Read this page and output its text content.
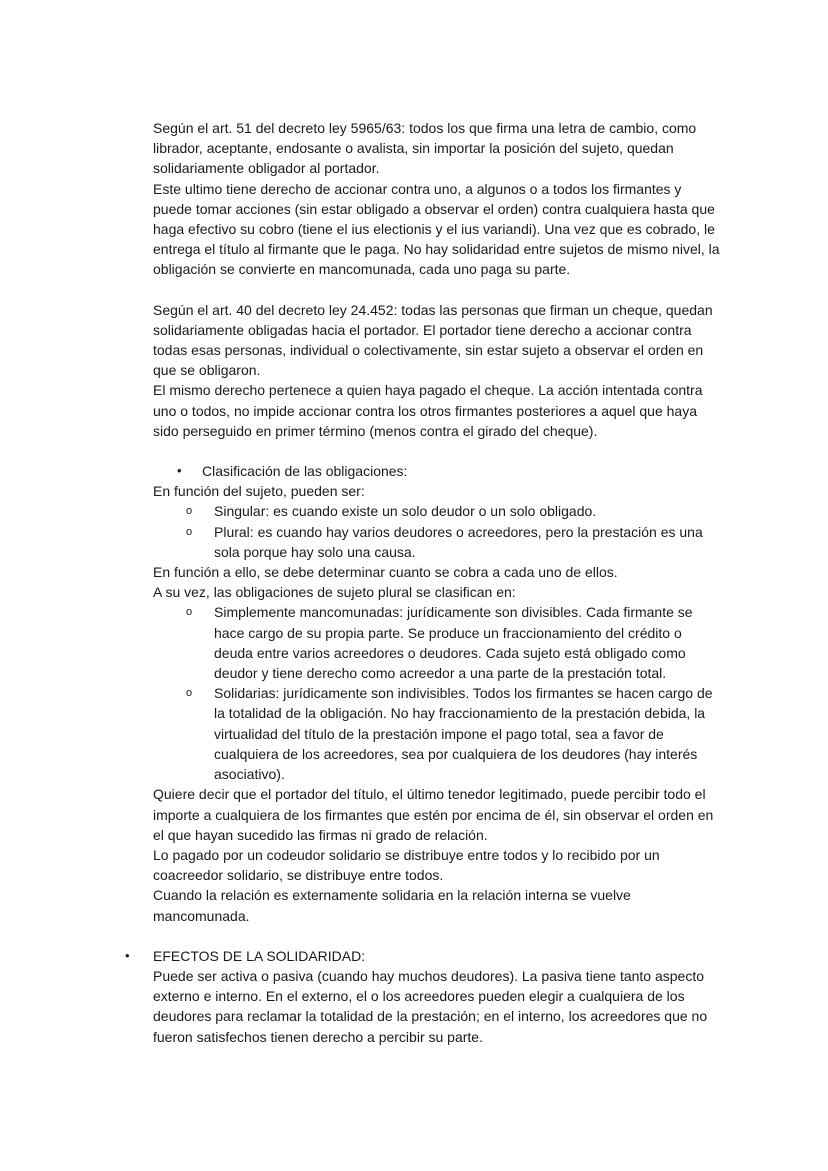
Según el art. 51 del decreto ley 5965/63: todos los que firma una letra de cambio, como librador, aceptante, endosante o avalista, sin importar la posición del sujeto, quedan solidariamente obligador al portador.

Este ultimo tiene derecho de accionar contra uno, a algunos o a todos los firmantes y puede tomar acciones (sin estar obligado a observar el orden) contra cualquiera hasta que haga efectivo su cobro (tiene el ius electionis y el ius variandi). Una vez que es cobrado, le entrega el título al firmante que le paga. No hay solidaridad entre sujetos de mismo nivel, la obligación se convierte en mancomunada, cada uno paga su parte.

Según el art. 40 del decreto ley 24.452: todas las personas que firman un cheque, quedan solidariamente obligadas hacia el portador. El portador tiene derecho a accionar contra todas esas personas, individual o colectivamente, sin estar sujeto a observar el orden en que se obligaron.

El mismo derecho pertenece a quien haya pagado el cheque. La acción intentada contra uno o todos, no impide accionar contra los otros firmantes posteriores a aquel que haya sido perseguido en primer término (menos contra el girado del cheque).

• Clasificación de las obligaciones:

En función del sujeto, pueden ser:

o Singular: es cuando existe un solo deudor o un solo obligado.
o Plural: es cuando hay varios deudores o acreedores, pero la prestación es una sola porque hay solo una causa.

En función a ello, se debe determinar cuanto se cobra a cada uno de ellos.

A su vez, las obligaciones de sujeto plural se clasifican en:

o Simplemente mancomunadas: jurídicamente son divisibles. Cada firmante se hace cargo de su propia parte. Se produce un fraccionamiento del crédito o deuda entre varios acreedores o deudores. Cada sujeto está obligado como deudor y tiene derecho como acreedor a una parte de la prestación total.
o Solidarias: jurídicamente son indivisibles. Todos los firmantes se hacen cargo de la totalidad de la obligación. No hay fraccionamiento de la prestación debida, la virtualidad del título de la prestación impone el pago total, sea a favor de cualquiera de los acreedores, sea por cualquiera de los deudores (hay interés asociativo).

Quiere decir que el portador del título, el último tenedor legitimado, puede percibir todo el importe a cualquiera de los firmantes que estén por encima de él, sin observar el orden en el que hayan sucedido las firmas ni grado de relación.

Lo pagado por un codeudor solidario se distribuye entre todos y lo recibido por un coacreedor solidario, se distribuye entre todos.

Cuando la relación es externamente solidaria en la relación interna se vuelve mancomunada.

• EFECTOS DE LA SOLIDARIDAD:

Puede ser activa o pasiva (cuando hay muchos deudores). La pasiva tiene tanto aspecto externo e interno. En el externo, el o los acreedores pueden elegir a cualquiera de los deudores para reclamar la totalidad de la prestación; en el interno, los acreedores que no fueron satisfechos tienen derecho a percibir su parte.
